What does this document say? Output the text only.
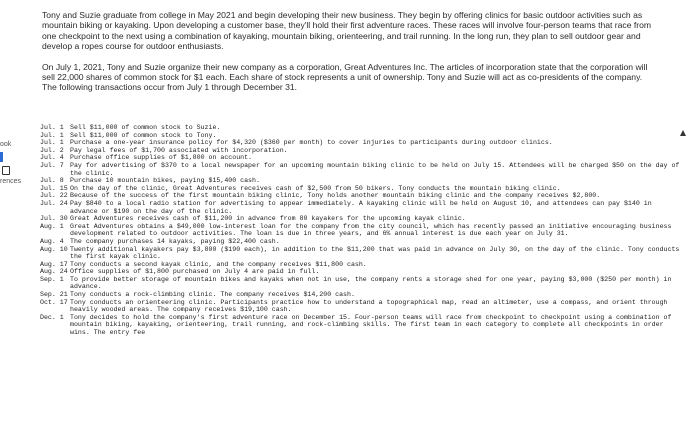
ook
rences

Tony and Suzie graduate from college in May 2021 and begin developing their new business. They begin by offering clinics for basic outdoor activities such as mountain biking or kayaking. Upon developing a customer base, they'll hold their first adventure races. These races will involve four-person teams that race from one checkpoint to the next using a combination of kayaking, mountain biking, orienteering, and trail running. In the long run, they plan to sell outdoor gear and develop a ropes course for outdoor enthusiasts.

On July 1, 2021, Tony and Suzie organize their new company as a corporation, Great Adventures Inc. The articles of incorporation state that the corporation will sell 22,000 shares of common stock for $1 each. Each share of stock represents a unit of ownership. Tony and Suzie will act as co-presidents of the company. The following transactions occur from July 1 through December 31.

Jul. 1 Sell $11,000 of common stock to Suzie.
Jul. 1 Sell $11,000 of common stock to Tony.
Jul. 1 Purchase a one-year insurance policy for $4,320 ($360 per month) to cover injuries to participants during outdoor clinics.
Jul. 2 Pay legal fees of $1,700 associated with incorporation.
Jul. 4 Purchase office supplies of $1,800 on account.
Jul. 7 Pay for advertising of $370 to a local newspaper for an upcoming mountain biking clinic to be held on July 15. Attendees will be charged $50 on the day of the clinic.
Jul. 8 Purchase 10 mountain bikes, paying $15,400 cash.
Jul. 15 On the day of the clinic, Great Adventures receives cash of $2,500 from 50 bikers. Tony conducts the mountain biking clinic.
Jul. 22 Because of the success of the first mountain biking clinic, Tony holds another mountain biking clinic and the company receives $2,800.
Jul. 24 Pay $840 to a local radio station for advertising to appear immediately. A kayaking clinic will be held on August 10, and attendees can pay $140 in advance or $190 on the day of the clinic.
Jul. 30 Great Adventures receives cash of $11,200 in advance from 80 kayakers for the upcoming kayak clinic.
Aug. 1 Great Adventures obtains a $49,000 low-interest loan for the company from the city council, which has recently passed an initiative encouraging business development related to outdoor activities. The loan is due in three years, and 6% annual interest is due each year on July 31.
Aug. 4 The company purchases 14 kayaks, paying $22,400 cash.
Aug. 10 Twenty additional kayakers pay $3,800 ($190 each), in addition to the $11,200 that was paid in advance on July 30, on the day of the clinic. Tony conducts the first kayak clinic.
Aug. 17 Tony conducts a second kayak clinic, and the company receives $11,800 cash.
Aug. 24 Office supplies of $1,800 purchased on July 4 are paid in full.
Sep. 1 To provide better storage of mountain bikes and kayaks when not in use, the company rents a storage shed for one year, paying $3,000 ($250 per month) in advance.
Sep. 21 Tony conducts a rock-climbing clinic. The company receives $14,200 cash.
Oct. 17 Tony conducts an orienteering clinic. Participants practice how to understand a topographical map, read an altimeter, use a compass, and orient through heavily wooded areas. The company receives $19,100 cash.
Dec. 1 Tony decides to hold the company's first adventure race on December 15. Four-person teams will race from checkpoint to checkpoint using a combination of mountain biking, kayaking, orienteering, trail running, and rock-climbing skills. The first team in each category to complete all checkpoints in order wins. The entry fee
